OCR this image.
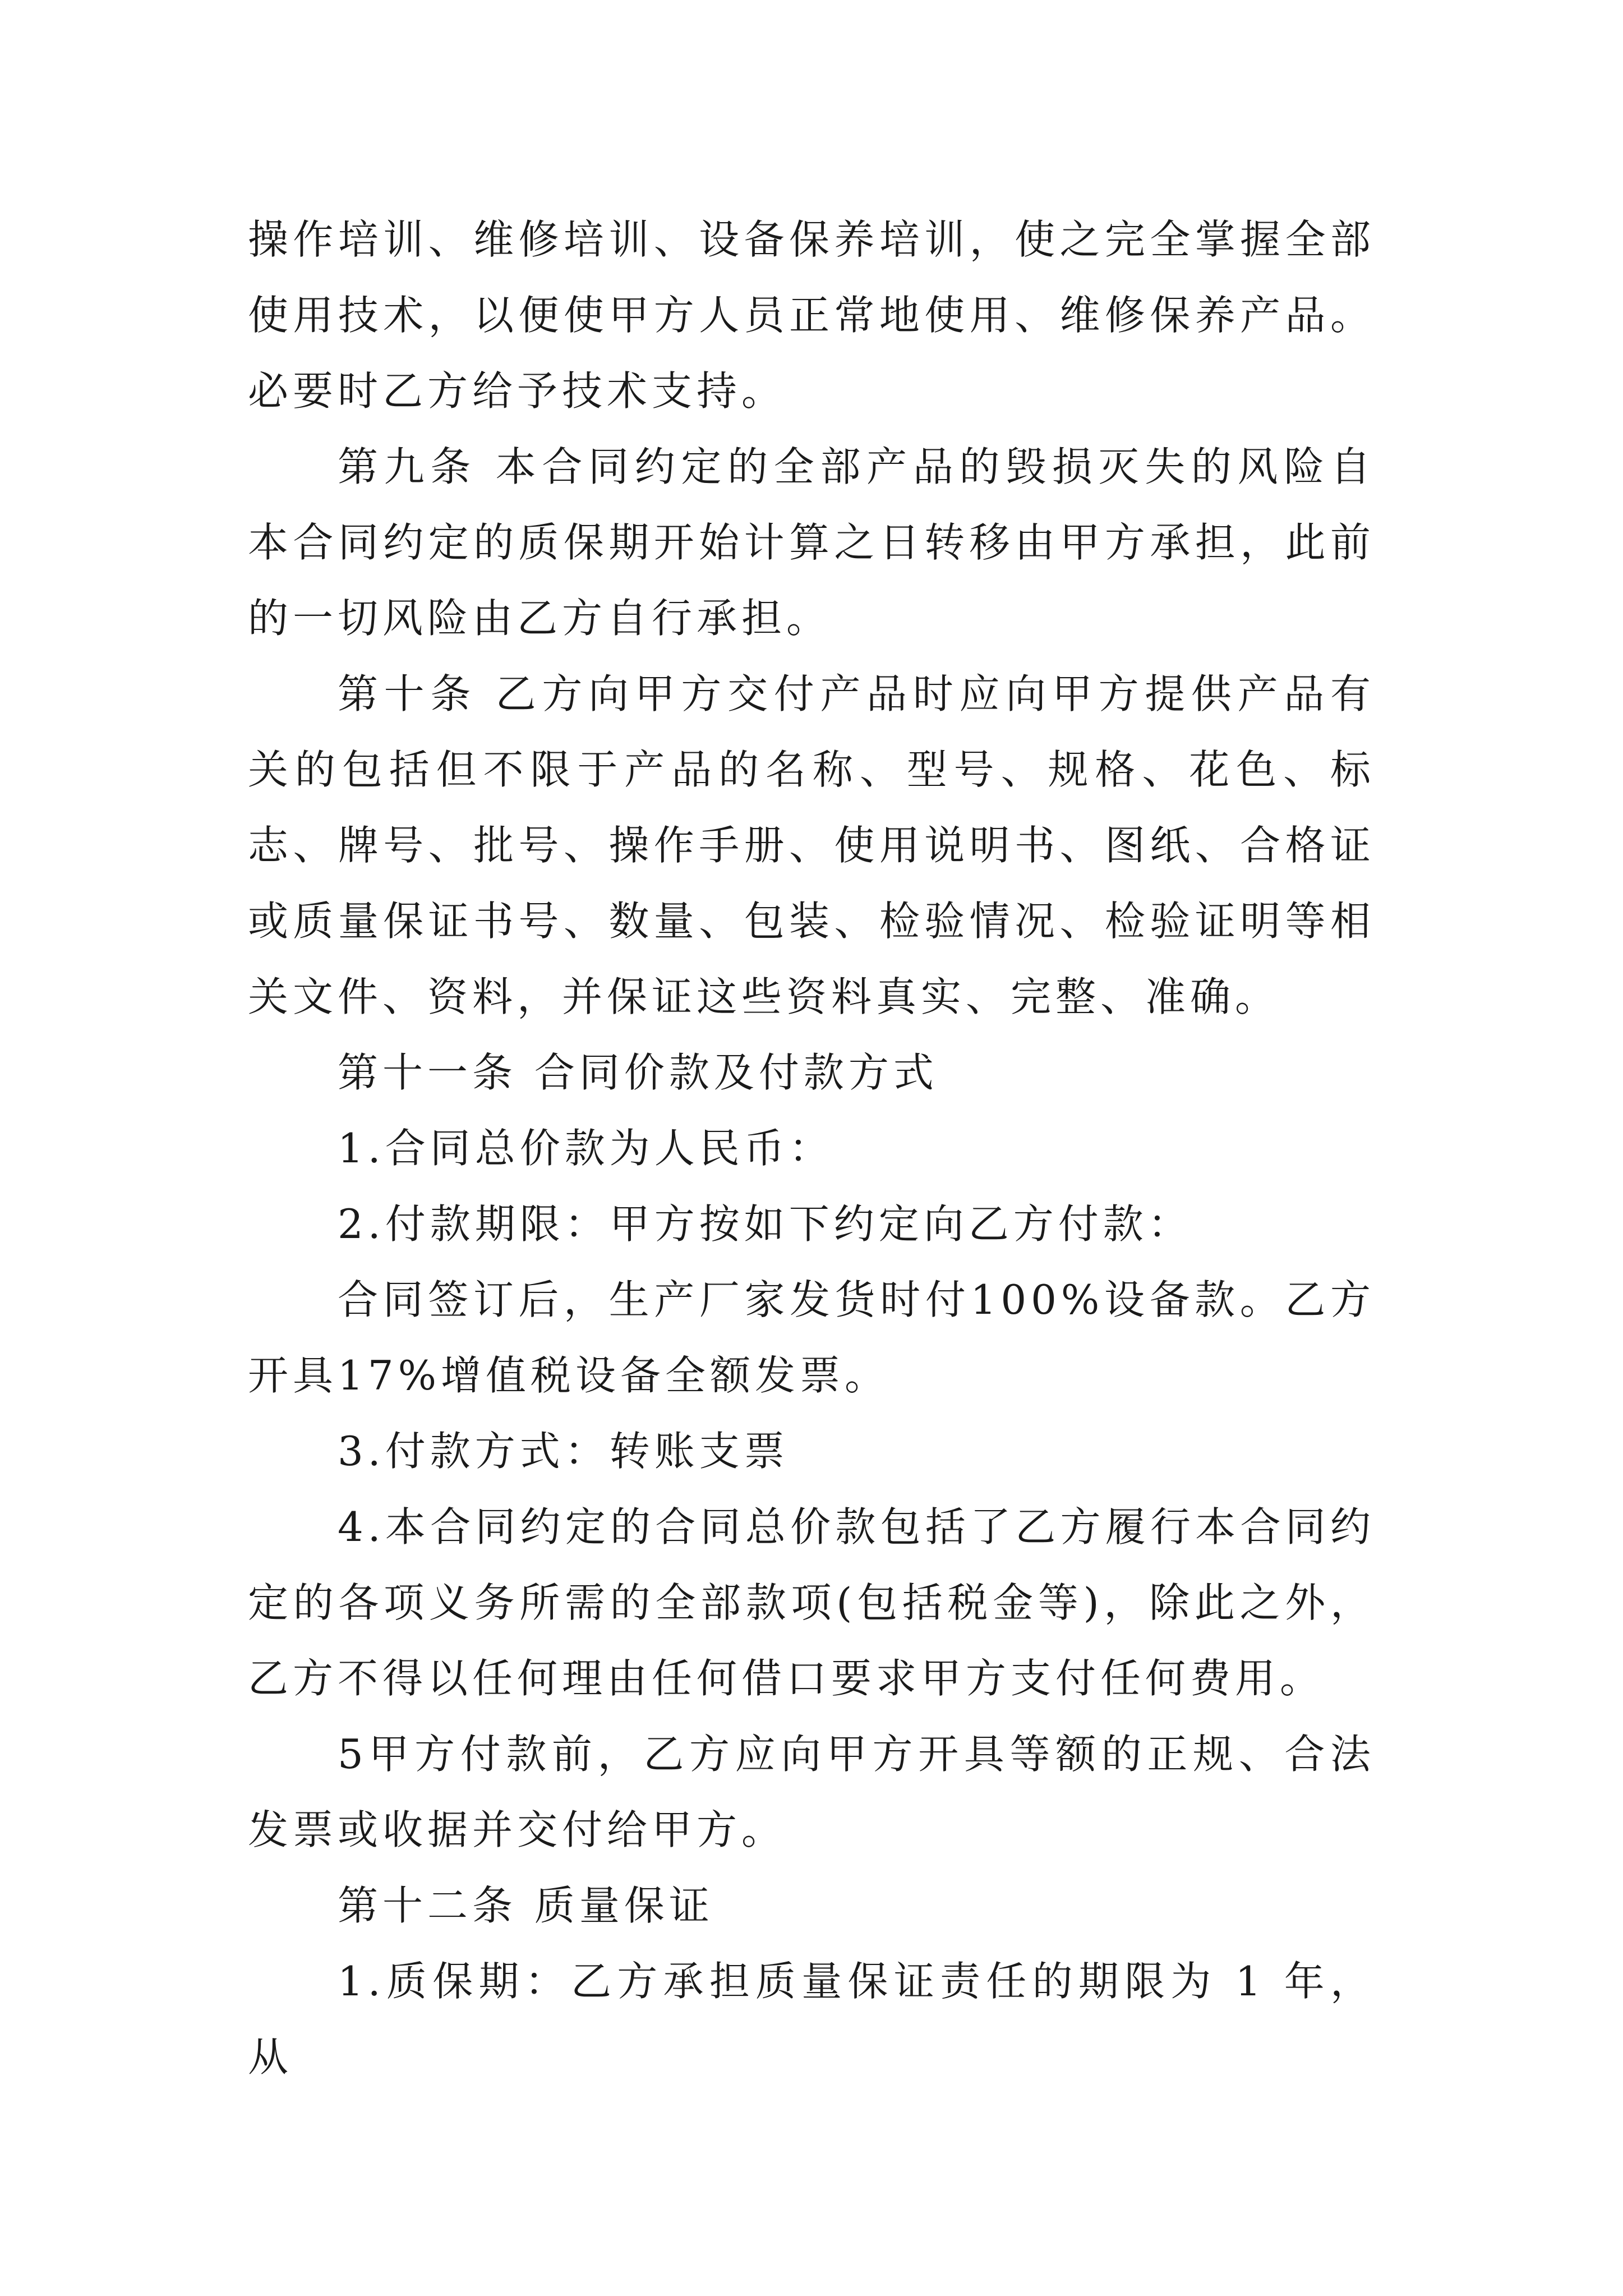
操作培训、维修培训、设备保养培训，使之完全掌握全部使用技术，以便使甲方人员正常地使用、维修保养产品。必要时乙方给予技术支持。

第九条 本合同约定的全部产品的毁损灭失的风险自本合同约定的质保期开始计算之日转移由甲方承担，此前的一切风险由乙方自行承担。

第十条 乙方向甲方交付产品时应向甲方提供产品有关的包括但不限于产品的名称、型号、规格、花色、标志、牌号、批号、操作手册、使用说明书、图纸、合格证或质量保证书号、数量、包装、检验情况、检验证明等相关文件、资料，并保证这些资料真实、完整、准确。

第十一条 合同价款及付款方式

1.合同总价款为人民币：

2.付款期限：甲方按如下约定向乙方付款：

合同签订后，生产厂家发货时付100%设备款。乙方开具17%增值税设备全额发票。

3.付款方式：转账支票

4.本合同约定的合同总价款包括了乙方履行本合同约定的各项义务所需的全部款项(包括税金等)，除此之外，乙方不得以任何理由任何借口要求甲方支付任何费用。

5甲方付款前，乙方应向甲方开具等额的正规、合法发票或收据并交付给甲方。

第十二条 质量保证

1.质保期：乙方承担质量保证责任的期限为 1 年，从
